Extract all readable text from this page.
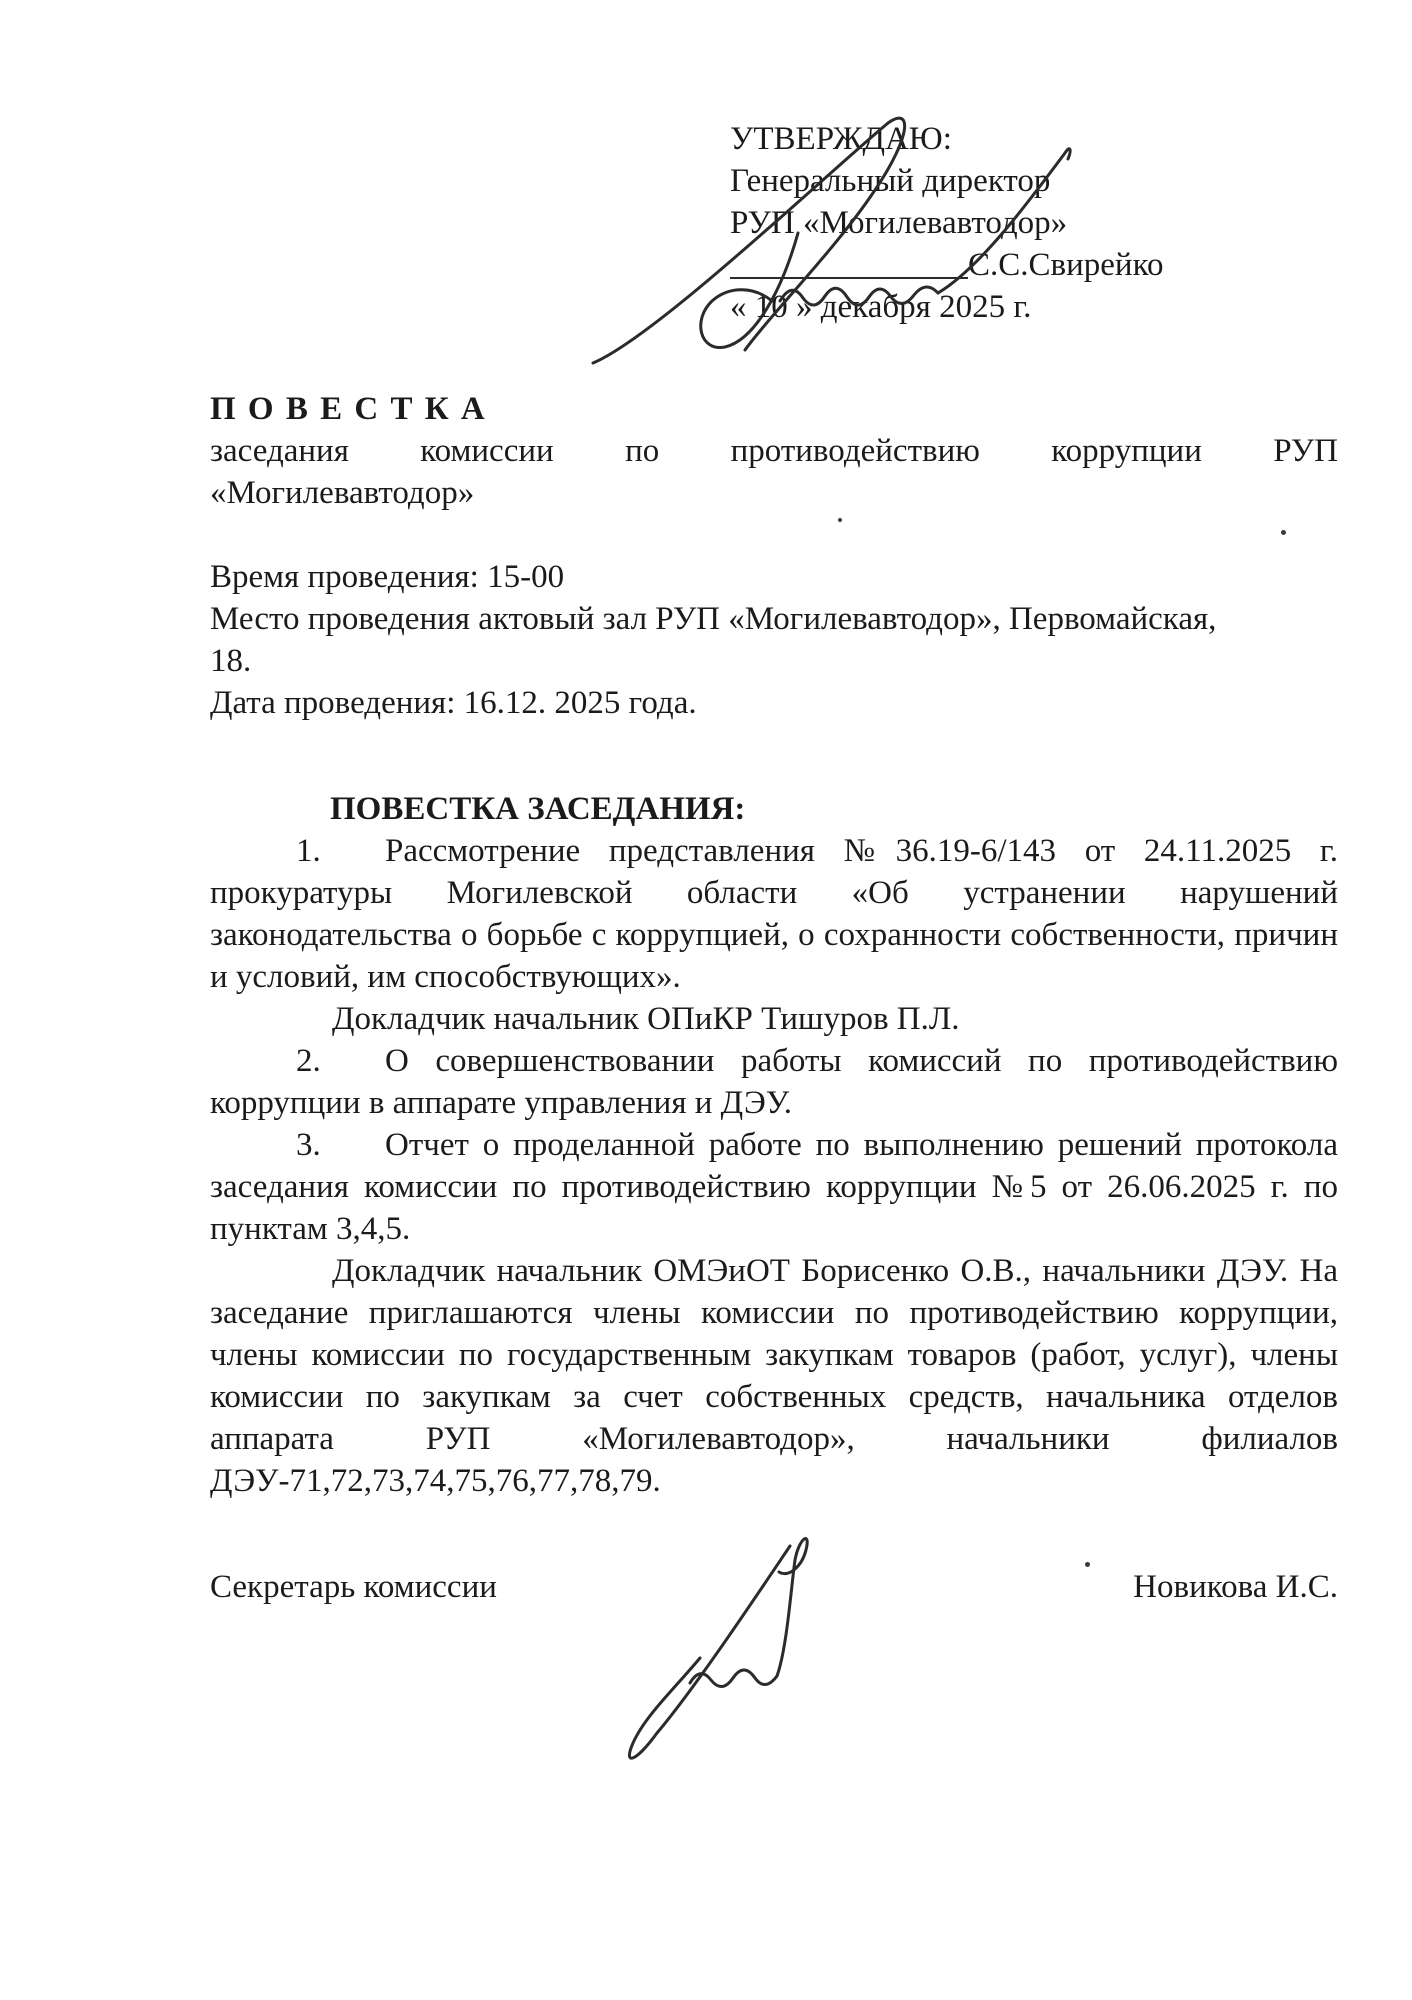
УТВЕРЖДАЮ:
Генеральный директор
РУП «Могилевавтодор»
С.С.Свирейко
« 10 » декабря 2025 г.
П О В Е С Т К А
заседания комиссии по противодействию коррупции РУП
«Могилевавтодор»
Время проведения: 15-00
Место проведения актовый зал РУП «Могилевавтодор», Первомайская,
18.
Дата проведения: 16.12. 2025 года.

ПОВЕСТКА ЗАСЕДАНИЯ:

1. Рассмотрение представления №36.19-6/143 от 24.11.2025 г. прокуратуры Могилевской области «Об устранении нарушений законодательства о борьбе с коррупцией, о сохранности собственности, причин и условий, им способствующих».

Докладчик начальник ОПиКР Тишуров П.Л.

2. О совершенствовании работы комиссий по противодействию коррупции в аппарате управления и ДЭУ.

3. Отчет о проделанной работе по выполнению решений протокола заседания комиссии по противодействию коррупции №5 от 26.06.2025 г. по пунктам 3,4,5.

Докладчик начальник ОМЭиОТ Борисенко О.В., начальники ДЭУ. На заседание приглашаются члены комиссии по противодействию коррупции, члены комиссии по государственным закупкам товаров (работ, услуг), члены комиссии по закупкам за счет собственных средств, начальника отделов аппарата РУП «Могилевавтодор», начальники филиалов ДЭУ-71,72,73,74,75,76,77,78,79.

Секретарь комиссии	Новикова И.С.
